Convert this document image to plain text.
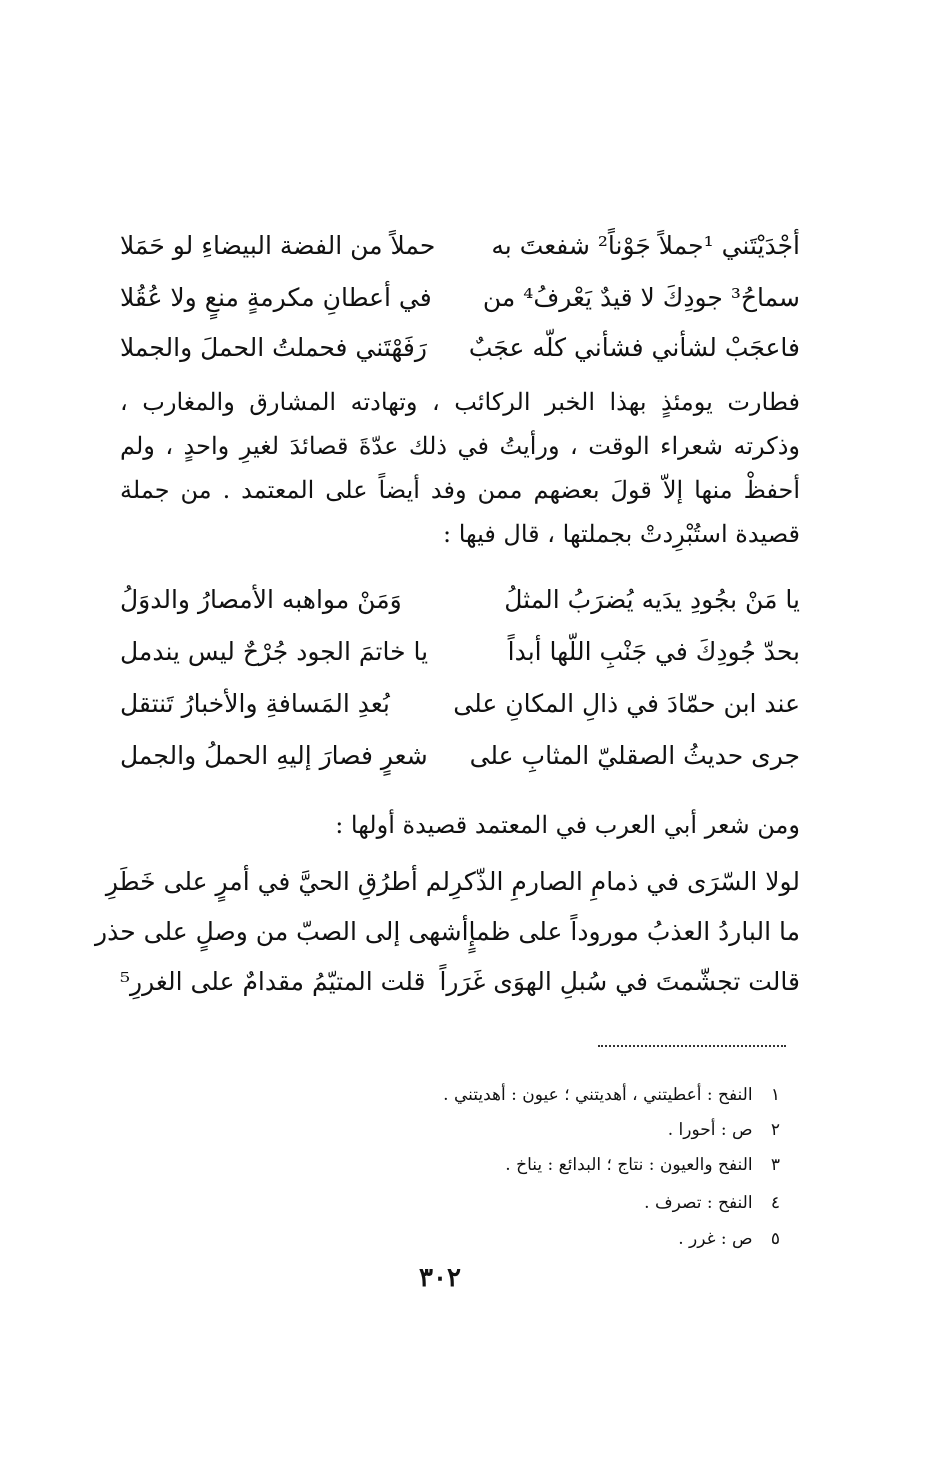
أجْدَيْتَني ¹جملاً جَوْناً² شفعتَ به
حملاً من الفضة البيضاءِ لو حَمَلا
سماحُ³ جودِكَ لا قيدٌ يَعْرفُ⁴ من
في أعطانِ مكرمةٍ منعٍ ولا عُقُلا
فاعجَبْ لشأني فشأني كلّه عجَبٌ
رَفَهْتَني فحملتُ الحملَ والجملا

فطارت يومئذٍ بهذا الخبر الركائب ، وتهادته المشارق والمغارب ، وذكرته شعراء الوقت ، ورأيتُ في ذلك عدّةَ قصائدَ لغيرِ واحدٍ ، ولم أحفظْ منها إلاّ قولَ بعضهم ممن وفد أيضاً على المعتمد . من جملة قصيدة استُبْرِدتْ بجملتها ، قال فيها :

يا مَنْ بجُودِ يدَيه يُضرَبُ المثلُ
وَمَنْ مواهبه الأمصارُ والدوَلُ
بحدّ جُودِكَ في جَنْبِ اللّها أبداً
يا خاتمَ الجود جُرْحٌ ليس يندمل
عند ابن حمّادَ في ذالِ المكانِ على
بُعدِ المَسافةِ والأخبارُ تَنتقل
جرى حديثُ الصقليّ المثابِ على
شعرٍ فصارَ إليهِ الحملُ والجمل
ومن شعر أبي العرب في المعتمد قصيدة أولها :
لولا السّرَى في ذمامِ الصارمِ الذّكرِ
لم أطرُقِ الحيَّ في أمرٍ على خَطَرِ
ما الباردُ العذبُ موروداً على ظمإٍ
أشهى إلى الصبّ من وصلٍ على حذر
قالت تجشّمتَ في سُبلِ الهوَى غَرَراً
قلت المتيّمُ مقدامٌ على الغررِ⁵
١ النفح : أعطيتني ، أهديتني ؛ عيون : أهديتني .
٢ ص : أحورا .
٣ النفح والعيون : نتاج ؛ البدائع : يناخ .
٤ النفح : تصرف .
٥ ص : غرر .
٣٠٢
